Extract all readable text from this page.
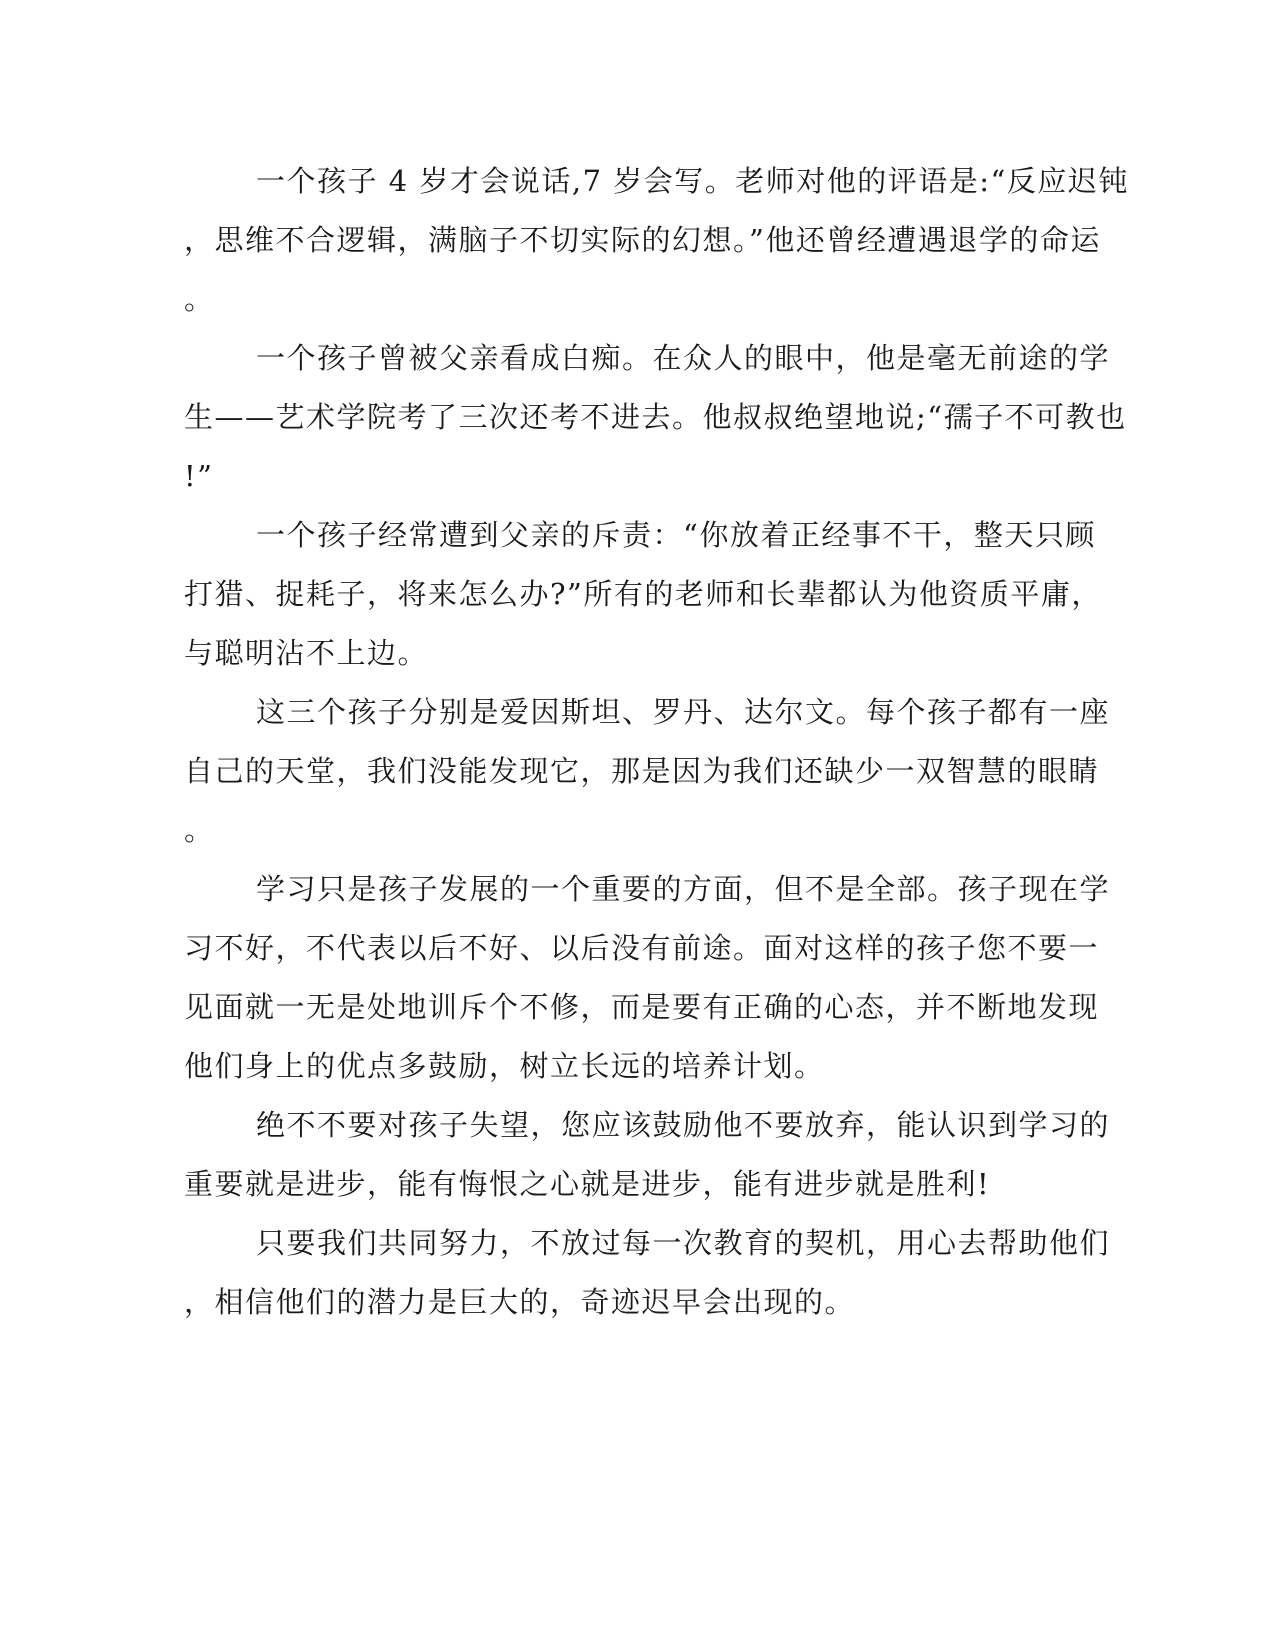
一个孩子 4 岁才会说话,7 岁会写。老师对他的评语是:“反应迟钝
，思维不合逻辑，满脑子不切实际的幻想。”他还曾经遭遇退学的命运
。
一个孩子曾被父亲看成白痴。在众人的眼中，他是毫无前途的学
生——艺术学院考了三次还考不进去。他叔叔绝望地说;“孺子不可教也
!”
一个孩子经常遭到父亲的斥责：“你放着正经事不干，整天只顾
打猎、捉耗子，将来怎么办?”所有的老师和长辈都认为他资质平庸，
与聪明沾不上边。
这三个孩子分别是爱因斯坦、罗丹、达尔文。每个孩子都有一座
自己的天堂，我们没能发现它，那是因为我们还缺少一双智慧的眼睛
。
学习只是孩子发展的一个重要的方面，但不是全部。孩子现在学
习不好，不代表以后不好、以后没有前途。面对这样的孩子您不要一
见面就一无是处地训斥个不修，而是要有正确的心态，并不断地发现
他们身上的优点多鼓励，树立长远的培养计划。
绝不不要对孩子失望，您应该鼓励他不要放弃，能认识到学习的
重要就是进步，能有悔恨之心就是进步，能有进步就是胜利!
只要我们共同努力，不放过每一次教育的契机，用心去帮助他们
，相信他们的潜力是巨大的，奇迹迟早会出现的。
